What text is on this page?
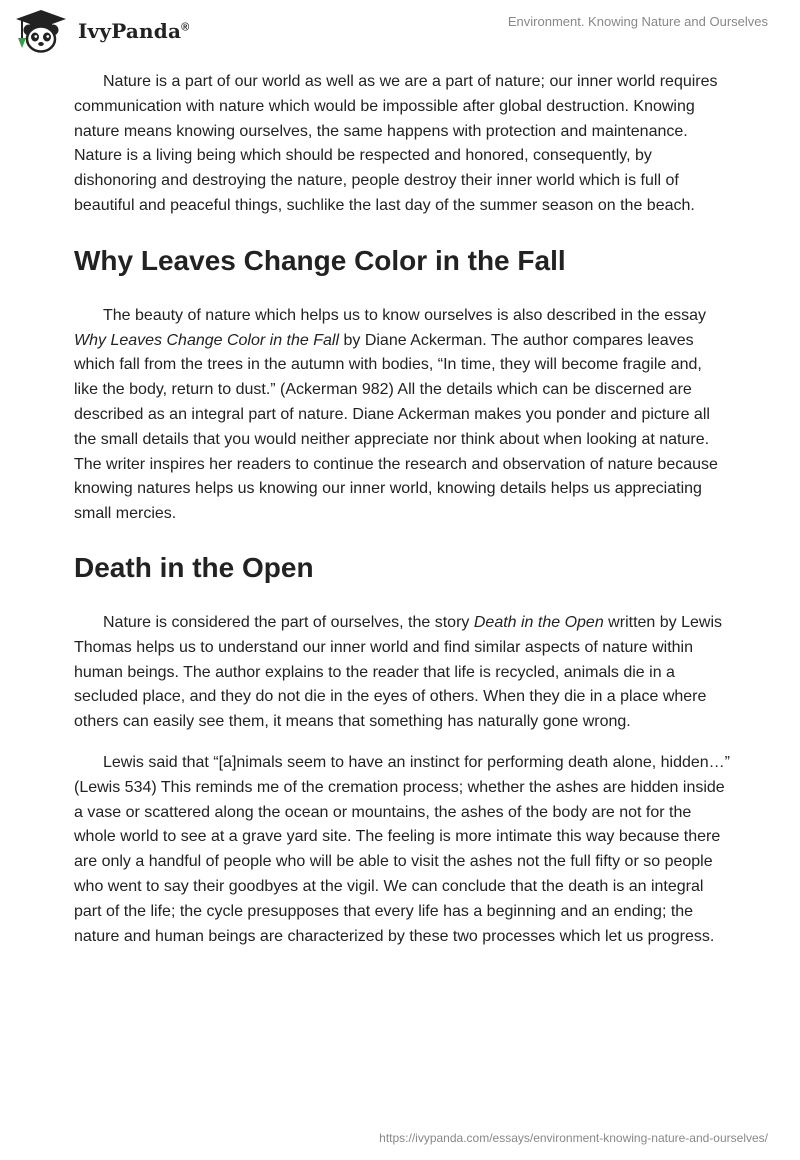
IvyPanda®	Environment. Knowing Nature and Ourselves

Nature is a part of our world as well as we are a part of nature; our inner world requires communication with nature which would be impossible after global destruction. Knowing nature means knowing ourselves, the same happens with protection and maintenance. Nature is a living being which should be respected and honored, consequently, by dishonoring and destroying the nature, people destroy their inner world which is full of beautiful and peaceful things, suchlike the last day of the summer season on the beach.

Why Leaves Change Color in the Fall

The beauty of nature which helps us to know ourselves is also described in the essay Why Leaves Change Color in the Fall by Diane Ackerman. The author compares leaves which fall from the trees in the autumn with bodies, “In time, they will become fragile and, like the body, return to dust.” (Ackerman 982) All the details which can be discerned are described as an integral part of nature. Diane Ackerman makes you ponder and picture all the small details that you would neither appreciate nor think about when looking at nature. The writer inspires her readers to continue the research and observation of nature because knowing natures helps us knowing our inner world, knowing details helps us appreciating small mercies.

Death in the Open

Nature is considered the part of ourselves, the story Death in the Open written by Lewis Thomas helps us to understand our inner world and find similar aspects of nature within human beings. The author explains to the reader that life is recycled, animals die in a secluded place, and they do not die in the eyes of others. When they die in a place where others can easily see them, it means that something has naturally gone wrong.

Lewis said that “[a]nimals seem to have an instinct for performing death alone, hidden…” (Lewis 534) This reminds me of the cremation process; whether the ashes are hidden inside a vase or scattered along the ocean or mountains, the ashes of the body are not for the whole world to see at a grave yard site. The feeling is more intimate this way because there are only a handful of people who will be able to visit the ashes not the full fifty or so people who went to say their goodbyes at the vigil. We can conclude that the death is an integral part of the life; the cycle presupposes that every life has a beginning and an ending; the nature and human beings are characterized by these two processes which let us progress.

https://ivypanda.com/essays/environment-knowing-nature-and-ourselves/
